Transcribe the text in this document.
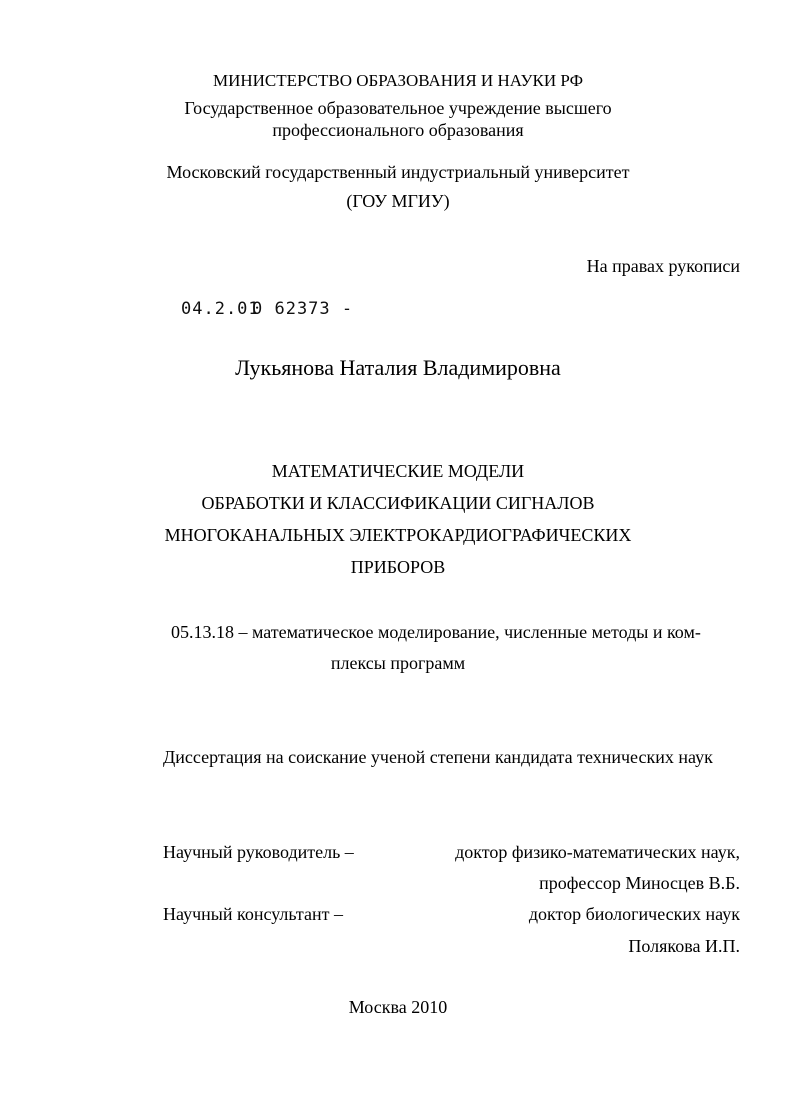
МИНИСТЕРСТВО ОБРАЗОВАНИЯ И НАУКИ РФ
Государственное образовательное учреждение высшего
профессионального образования
Московский государственный индустриальный университет
(ГОУ МГИУ)
На правах рукописи
04.2.01
0 62373 -
Лукьянова Наталия Владимировна
МАТЕМАТИЧЕСКИЕ МОДЕЛИ
ОБРАБОТКИ И КЛАССИФИКАЦИИ СИГНАЛОВ
МНОГОКАНАЛЬНЫХ ЭЛЕКТРОКАРДИОГРАФИЧЕСКИХ
ПРИБОРОВ
05.13.18 – математическое моделирование, численные методы и ком-
плексы программ
Диссертация на соискание ученой степени кандидата технических наук
Научный руководитель –	доктор физико-математических наук,
профессор Миносцев В.Б.
Научный консультант –	доктор биологических наук
Полякова И.П.
Москва 2010
